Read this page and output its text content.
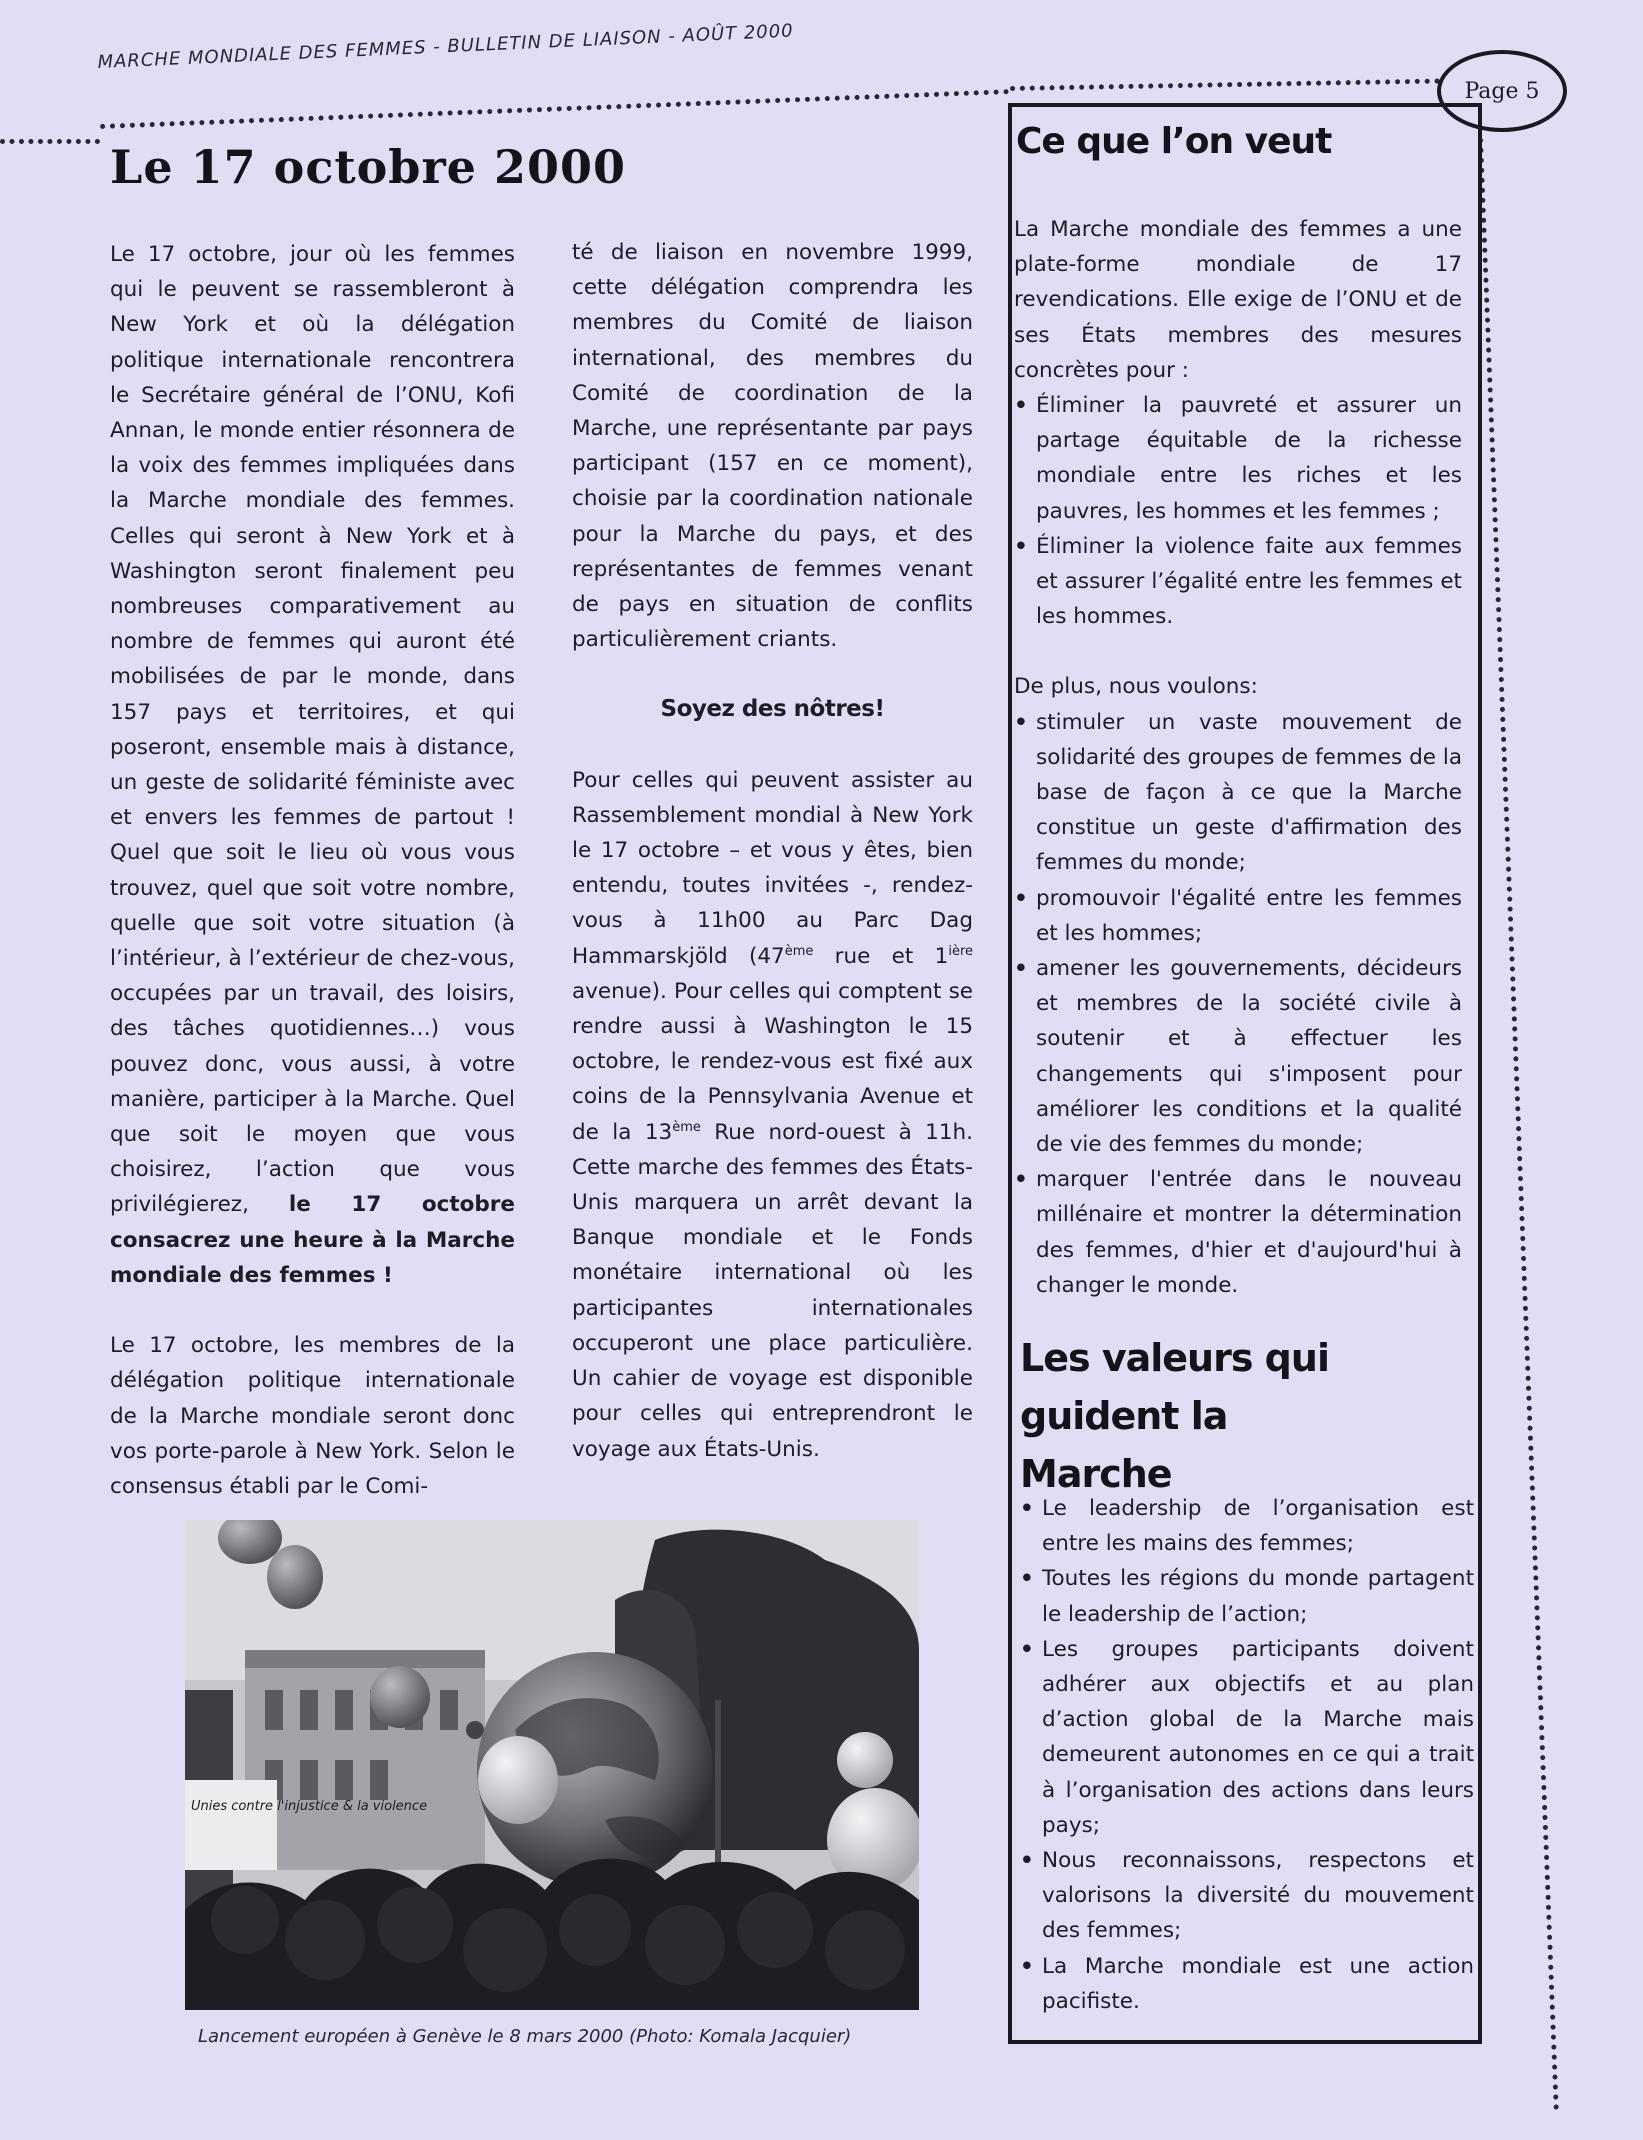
MARCHE MONDIALE DES FEMMES - BULLETIN DE LIAISON - AOÛT 2000
Page 5
Le 17 octobre 2000

Le 17 octobre, jour où les femmes qui le peuvent se rassembleront à New York et où la délégation politique internationale rencontrera le Secrétaire général de l’ONU, Kofi Annan, le monde entier résonnera de la voix des femmes impliquées dans la Marche mondiale des femmes. Celles qui seront à New York et à Washington seront finalement peu nombreuses comparativement au nombre de femmes qui auront été mobilisées de par le monde, dans 157 pays et territoires, et qui poseront, ensemble mais à distance, un geste de solidarité féministe avec et envers les femmes de partout ! Quel que soit le lieu où vous vous trouvez, quel que soit votre nombre, quelle que soit votre situation (à l’intérieur, à l’extérieur de chez-vous, occupées par un travail, des loisirs, des tâches quotidiennes…) vous pouvez donc, vous aussi, à votre manière, participer à la Marche. Quel que soit le moyen que vous choisirez, l’action que vous privilégierez, le 17 octobre consacrez une heure à la Marche mondiale des femmes !

Le 17 octobre, les membres de la délégation politique internationale de la Marche mondiale seront donc vos porte-parole à New York. Selon le consensus établi par le Comi-

té de liaison en novembre 1999, cette délégation comprendra les membres du Comité de liaison international, des membres du Comité de coordination de la Marche, une représentante par pays participant (157 en ce moment), choisie par la coordination nationale pour la Marche du pays, et des représentantes de femmes venant de pays en situation de conflits particulièrement criants.

Soyez des nôtres!

Pour celles qui peuvent assister au Rassemblement mondial à New York le 17 octobre – et vous y êtes, bien entendu, toutes invitées -, rendez-vous à 11h00 au Parc Dag Hammarskjöld (47ème rue et $1^{ière}$ avenue). Pour celles qui comptent se rendre aussi à Washington le 15 octobre, le rendez-vous est fixé aux coins de la Pennsylvania Avenue et de la 13ème Rue nord-ouest à 11h. Cette marche des femmes des États-Unis marquera un arrêt devant la Banque mondiale et le Fonds monétaire international où les participantes internationales occuperont une place particulière. Un cahier de voyage est disponible pour celles qui entreprendront le voyage aux États-Unis.

Ce que l’on veut
La Marche mondiale des femmes a une plate-forme mondiale de 17 revendications. Elle exige de l’ONU et de ses États membres des mesures concrètes pour :
• Éliminer la pauvreté et assurer un partage équitable de la richesse mondiale entre les riches et les pauvres, les hommes et les femmes ;
• Éliminer la violence faite aux femmes et assurer l’égalité entre les femmes et les hommes.
De plus, nous voulons:
• stimuler un vaste mouvement de solidarité des groupes de femmes de la base de façon à ce que la Marche constitue un geste d'affirmation des femmes du monde;
• promouvoir l'égalité entre les femmes et les hommes;
• amener les gouvernements, décideurs et membres de la société civile à soutenir et à effectuer les changements qui s'imposent pour améliorer les conditions et la qualité de vie des femmes du monde;
• marquer l'entrée dans le nouveau millénaire et montrer la détermination des femmes, d'hier et d'aujourd'hui à changer le monde.
Les valeurs qui guident la Marche
• Le leadership de l’organisation est entre les mains des femmes;
• Toutes les régions du monde partagent le leadership de l’action;
• Les groupes participants doivent adhérer aux objectifs et au plan d’action global de la Marche mais demeurent autonomes en ce qui a trait à l’organisation des actions dans leurs pays;
• Nous reconnaissons, respectons et valorisons la diversité du mouvement des femmes;
• La Marche mondiale est une action pacifiste.
Unies contre l'injustice & la violence
Lancement européen à Genève le 8 mars 2000 (Photo: Komala Jacquier)
